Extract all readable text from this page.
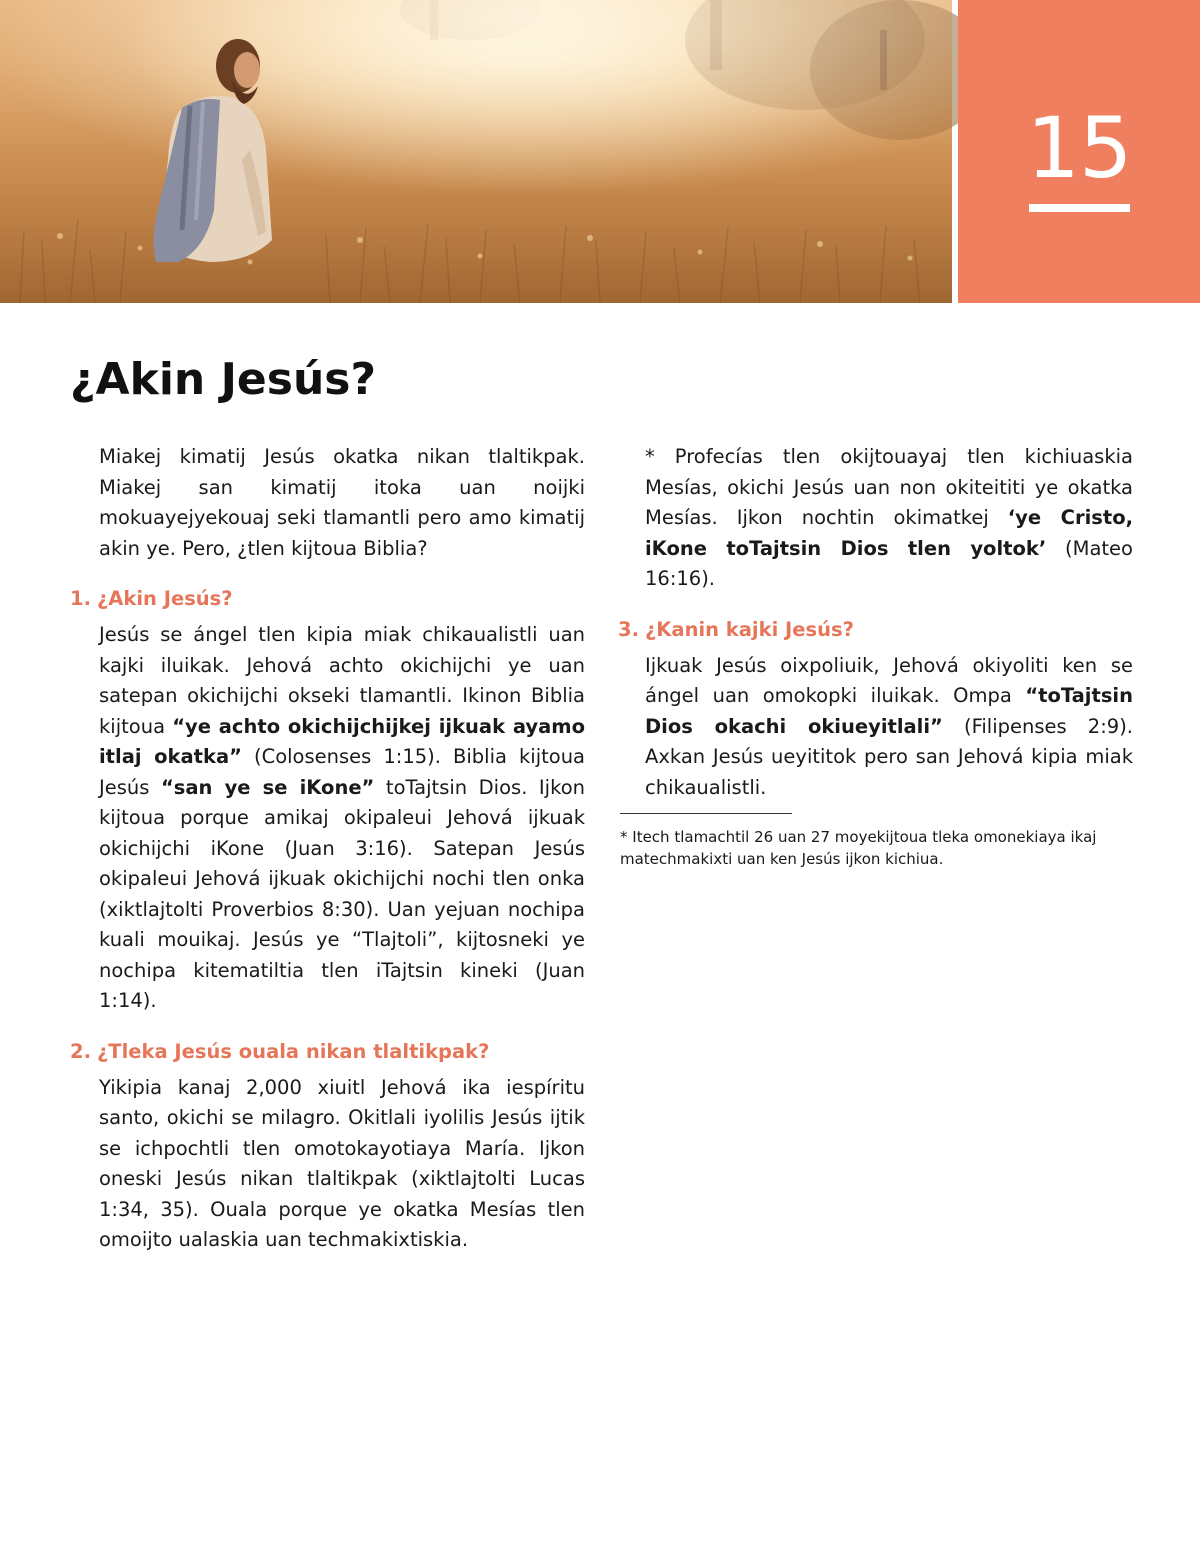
15
¿Akin Jesús?

Miakej kimatij Jesús okatka nikan tlaltikpak. Miakej san kimatij itoka uan noijki mokuayejyekouaj seki tlamantli pero amo kimatij akin ye. Pero, ¿tlen kijtoua Biblia?

1. ¿Akin Jesús?

Jesús se ángel tlen kipia miak chikaualistli uan kajki iluikak. Jehová achto okichijchi ye uan satepan okichijchi okseki tlamantli. Ikinon Biblia kijtoua “ye achto okichijchijkej ijkuak ayamo itlaj okatka” (Colosenses 1:15). Biblia kijtoua Jesús “san ye se iKone” toTajtsin Dios. Ijkon kijtoua porque amikaj okipaleui Jehová ijkuak okichijchi iKone (Juan 3:16). Satepan Jesús okipaleui Jehová ijkuak okichijchi nochi tlen onka (xiktlajtolti Proverbios 8:30). Uan yejuan nochipa kuali mouikaj. Jesús ye “Tlajtoli”, kijtosneki ye nochipa kitematiltia tlen iTajtsin kineki (Juan 1:14).

2. ¿Tleka Jesús ouala nikan tlaltikpak?

Yikipia kanaj 2,000 xiuitl Jehová ika iespíritu santo, okichi se milagro. Okitlali iyolilis Jesús ijtik se ichpochtli tlen omotokayotiaya María. Ijkon oneski Jesús nikan tlaltikpak (xiktlajtolti Lucas 1:34, 35). Ouala porque ye okatka Mesías tlen omoijto ualaskia uan techmakixtiskia.

* Profecías tlen okijtouayaj tlen kichiuaskia Mesías, okichi Jesús uan non okiteititi ye okatka Mesías. Ijkon nochtin okimatkej ‘ye Cristo, iKone toTajtsin Dios tlen yoltok’ (Mateo 16:16).

3. ¿Kanin kajki Jesús?

Ijkuak Jesús oixpoliuik, Jehová okiyoliti ken se ángel uan omokopki iluikak. Ompa “toTajtsin Dios okachi okiueyitlali” (Filipenses 2:9). Axkan Jesús ueyititok pero san Jehová kipia miak chikaualistli.

* Itech tlamachtil 26 uan 27 moyekijtoua tleka omonekiaya ikaj matechmakixti uan ken Jesús ijkon kichiua.
